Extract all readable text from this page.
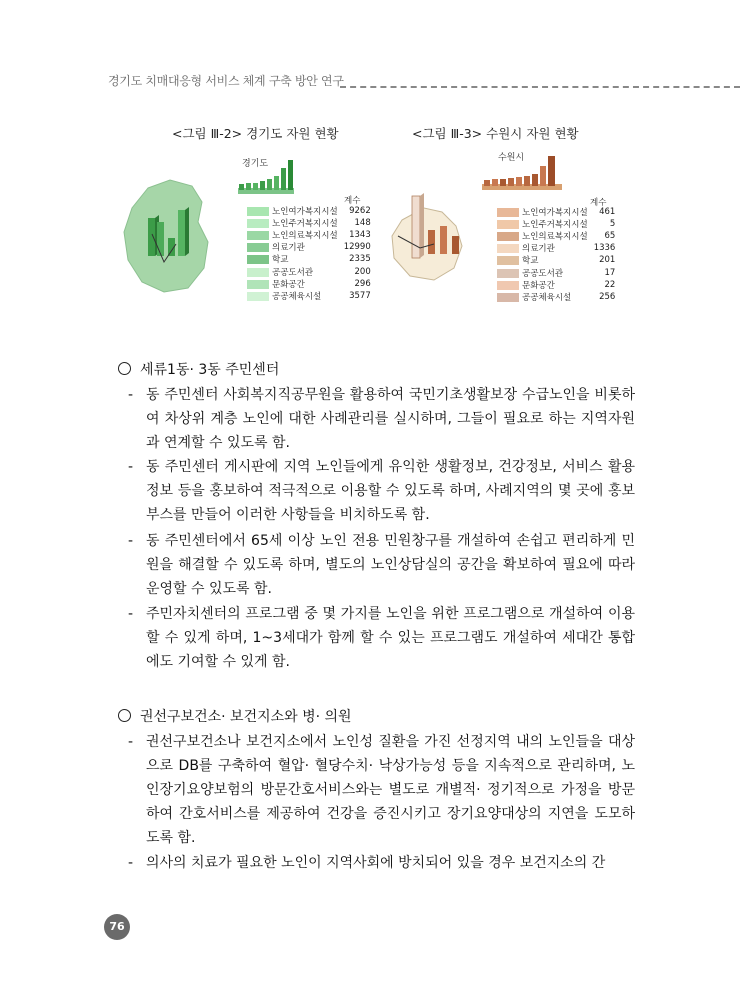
경기도 치매대응형 서비스 체계 구축 방안 연구
<그림 Ⅲ-2> 경기도 자원 현황	<그림 Ⅲ-3> 수원시 자원 현황
경기도
계수
노인여가복지시설	9262
노인주거복지시설	148
노인의료복지시설	1343
의료기관	12990
학교	2335
공공도서관	200
문화공간	296
공공체육시설	3577
수원시
계수
노인여가복지시설	461
노인주거복지시설	5
노인의료복지시설	65
의료기관	1336
학교	201
공공도서관	17
문화공간	22
공공체육시설	256
세류1동· 3동 주민센터
- 동 주민센터 사회복지직공무원을 활용하여 국민기초생활보장 수급노인을 비롯하여 차상위 계층 노인에 대한 사례관리를 실시하며, 그들이 필요로 하는 지역자원과 연계할 수 있도록 함.
- 동 주민센터 게시판에 지역 노인들에게 유익한 생활정보, 건강정보, 서비스 활용정보 등을 홍보하여 적극적으로 이용할 수 있도록 하며, 사례지역의 몇 곳에 홍보부스를 만들어 이러한 사항들을 비치하도록 함.
- 동 주민센터에서 65세 이상 노인 전용 민원창구를 개설하여 손쉽고 편리하게 민원을 해결할 수 있도록 하며, 별도의 노인상담실의 공간을 확보하여 필요에 따라 운영할 수 있도록 함.
- 주민자치센터의 프로그램 중 몇 가지를 노인을 위한 프로그램으로 개설하여 이용할 수 있게 하며, 1~3세대가 함께 할 수 있는 프로그램도 개설하여 세대간 통합에도 기여할 수 있게 함.
권선구보건소· 보건지소와 병· 의원
- 권선구보건소나 보건지소에서 노인성 질환을 가진 선정지역 내의 노인들을 대상으로 DB를 구축하여 혈압· 혈당수치· 낙상가능성 등을 지속적으로 관리하며, 노인장기요양보험의 방문간호서비스와는 별도로 개별적· 정기적으로 가정을 방문하여 간호서비스를 제공하여 건강을 증진시키고 장기요양대상의 지연을 도모하도록 함.
- 의사의 치료가 필요한 노인이 지역사회에 방치되어 있을 경우 보건지소의 간
76
